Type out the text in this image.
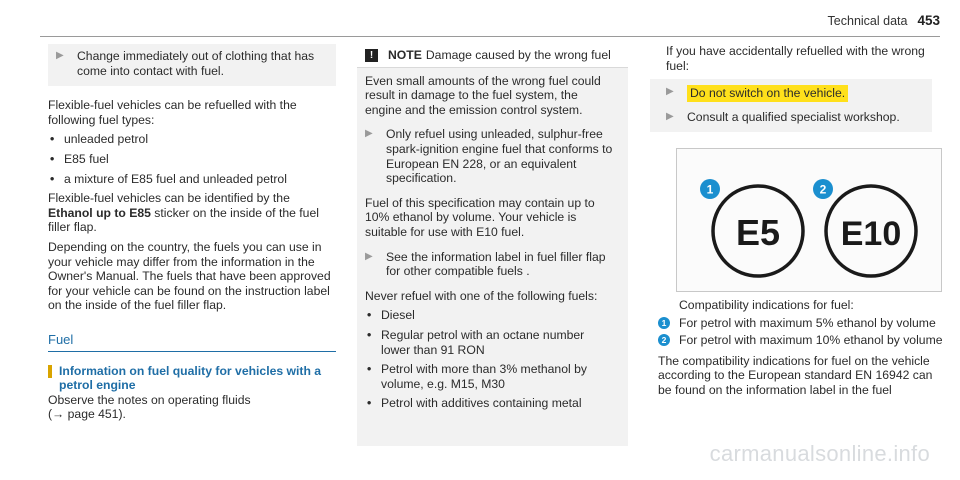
Technical data 453
▶ Change immediately out of clothing that has come into contact with fuel.

Flexible-fuel vehicles can be refuelled with the following fuel types:

• unleaded petrol
• E85 fuel
• a mixture of E85 fuel and unleaded petrol

Flexible-fuel vehicles can be identified by the Ethanol up to E85 sticker on the inside of the fuel filler flap.

Depending on the country, the fuels you can use in your vehicle may differ from the information in the Owner's Manual. The fuels that have been approved for your vehicle can be found on the instruction label on the inside of the fuel filler flap.

Fuel
Information on fuel quality for vehicles with a petrol engine
Observe the notes on operating fluids
(→ page 451).
!	NOTE Damage caused by the wrong fuel

Even small amounts of the wrong fuel could result in damage to the fuel system, the engine and the emission control system.

▶ Only refuel using unleaded, sulphur-free spark-ignition engine fuel that conforms to European EN 228, or an equivalent specification.

Fuel of this specification may contain up to 10% ethanol by volume. Your vehicle is suitable for use with E10 fuel.

▶ See the information label in fuel filler flap for other compatible fuels .

Never refuel with one of the following fuels:

• Diesel
• Regular petrol with an octane number lower than 91 RON
• Petrol with more than 3% methanol by volume, e.g. M15, M30
• Petrol with additives containing metal
If you have accidentally refuelled with the wrong fuel:
▶ Do not switch on the vehicle.
▶ Consult a qualified specialist workshop.
1	2
E5 E10
Compatibility indications for fuel:
1 For petrol with maximum 5% ethanol by volume
2 For petrol with maximum 10% ethanol by volume

The compatibility indications for fuel on the vehicle according to the European standard EN 16942 can be found on the information label in the fuel

carmanualsonline.info
